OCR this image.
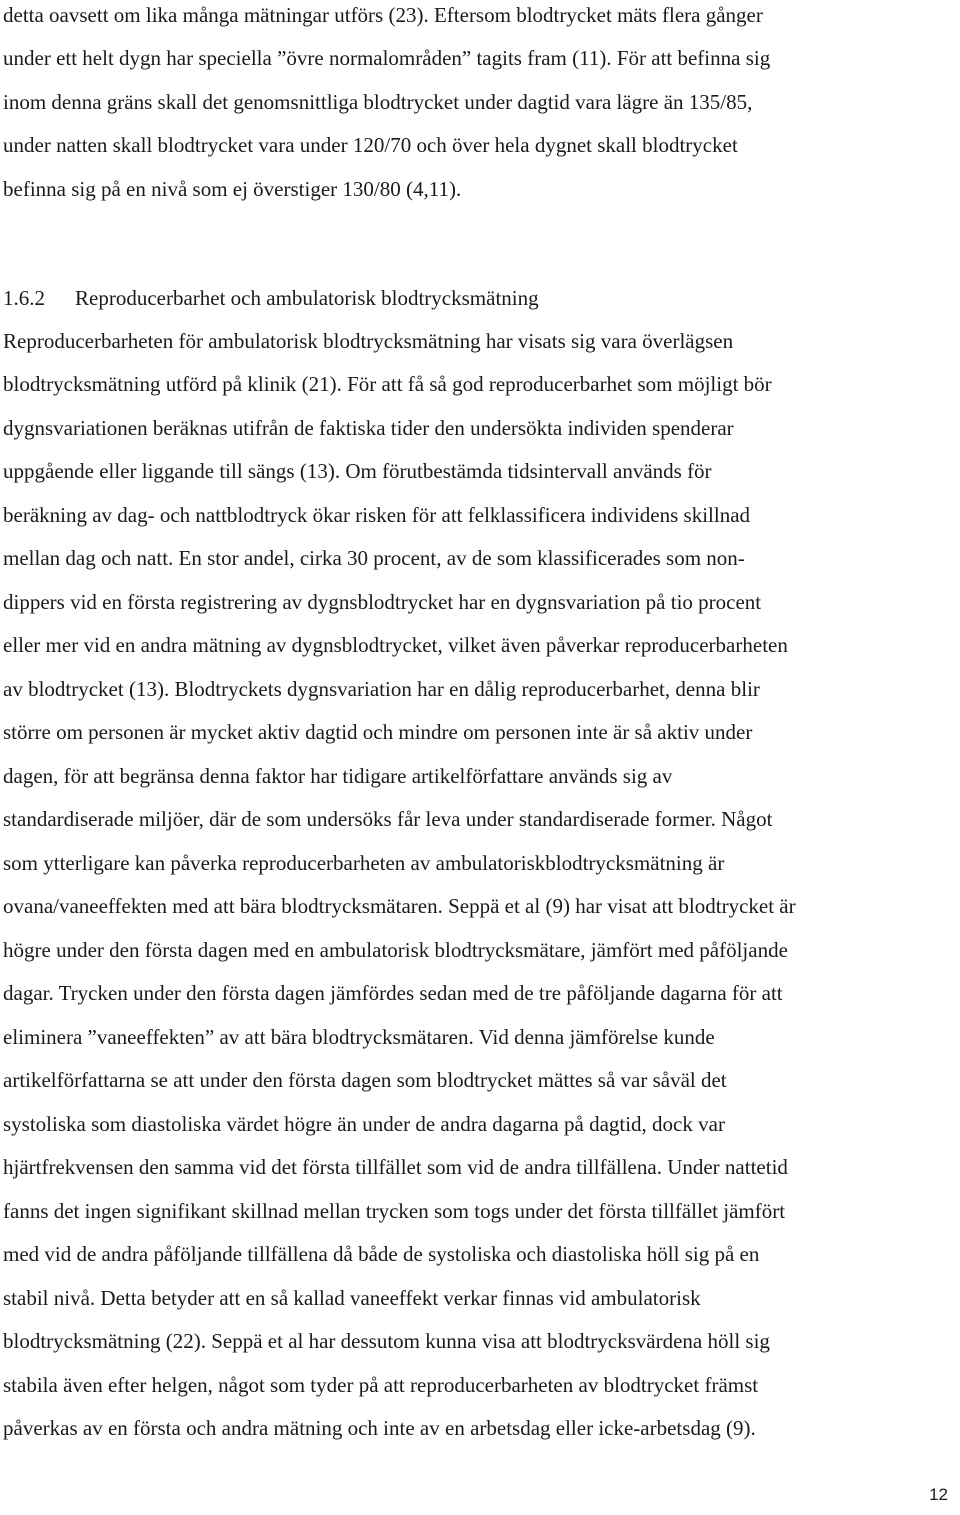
detta oavsett om lika många mätningar utförs (23). Eftersom blodtrycket mäts flera gånger
under ett helt dygn har speciella ”övre normalområden” tagits fram (11). För att befinna sig
inom denna gräns skall det genomsnittliga blodtrycket under dagtid vara lägre än 135/85,
under natten skall blodtrycket vara under 120/70 och över hela dygnet skall blodtrycket
befinna sig på en nivå som ej överstiger 130/80 (4,11).
1.6.2 Reproducerbarhet och ambulatorisk blodtrycksmätning
Reproducerbarheten för ambulatorisk blodtrycksmätning har visats sig vara överlägsen
blodtrycksmätning utförd på klinik (21). För att få så god reproducerbarhet som möjligt bör
dygnsvariationen beräknas utifrån de faktiska tider den undersökta individen spenderar
uppgående eller liggande till sängs (13). Om förutbestämda tidsintervall används för
beräkning av dag- och nattblodtryck ökar risken för att felklassificera individens skillnad
mellan dag och natt. En stor andel, cirka 30 procent, av de som klassificerades som non-
dippers vid en första registrering av dygnsblodtrycket har en dygnsvariation på tio procent
eller mer vid en andra mätning av dygnsblodtrycket, vilket även påverkar reproducerbarheten
av blodtrycket (13). Blodtryckets dygnsvariation har en dålig reproducerbarhet, denna blir
större om personen är mycket aktiv dagtid och mindre om personen inte är så aktiv under
dagen, för att begränsa denna faktor har tidigare artikelförfattare används sig av
standardiserade miljöer, där de som undersöks får leva under standardiserade former. Något
som ytterligare kan påverka reproducerbarheten av ambulatoriskblodtrycksmätning är
ovana/vaneeffekten med att bära blodtrycksmätaren. Seppä et al (9) har visat att blodtrycket är
högre under den första dagen med en ambulatorisk blodtrycksmätare, jämfört med påföljande
dagar. Trycken under den första dagen jämfördes sedan med de tre påföljande dagarna för att
eliminera ”vaneeffekten” av att bära blodtrycksmätaren. Vid denna jämförelse kunde
artikelförfattarna se att under den första dagen som blodtrycket mättes så var såväl det
systoliska som diastoliska värdet högre än under de andra dagarna på dagtid, dock var
hjärtfrekvensen den samma vid det första tillfället som vid de andra tillfällena. Under nattetid
fanns det ingen signifikant skillnad mellan trycken som togs under det första tillfället jämfört
med vid de andra påföljande tillfällena då både de systoliska och diastoliska höll sig på en
stabil nivå. Detta betyder att en så kallad vaneeffekt verkar finnas vid ambulatorisk
blodtrycksmätning (22). Seppä et al har dessutom kunna visa att blodtrycksvärdena höll sig
stabila även efter helgen, något som tyder på att reproducerbarheten av blodtrycket främst
påverkas av en första och andra mätning och inte av en arbetsdag eller icke-arbetsdag (9).
12
